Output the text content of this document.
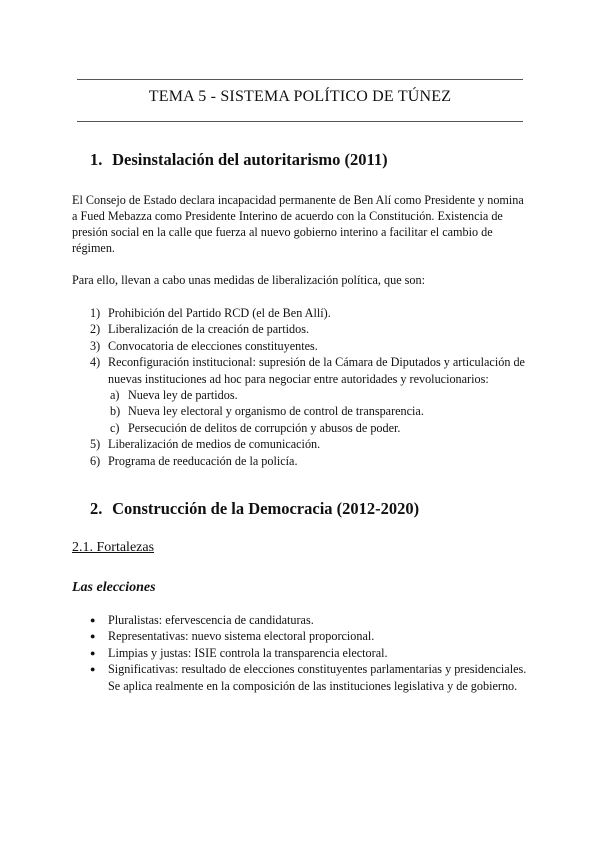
TEMA 5 - SISTEMA POLÍTICO DE TÚNEZ
1. Desinstalación del autoritarismo (2011)
El Consejo de Estado declara incapacidad permanente de Ben Alí como Presidente y nomina a Fued Mebazza como Presidente Interino de acuerdo con la Constitución. Existencia de presión social en la calle que fuerza al nuevo gobierno interino a facilitar el cambio de régimen.
Para ello, llevan a cabo unas medidas de liberalización política, que son:
1) Prohibición del Partido RCD (el de Ben Allí).
2) Liberalización de la creación de partidos.
3) Convocatoria de elecciones constituyentes.
4) Reconfiguración institucional: supresión de la Cámara de Diputados y articulación de nuevas instituciones ad hoc para negociar entre autoridades y revolucionarios:
a) Nueva ley de partidos.
b) Nueva ley electoral y organismo de control de transparencia.
c) Persecución de delitos de corrupción y abusos de poder.
5) Liberalización de medios de comunicación.
6) Programa de reeducación de la policía.
2. Construcción de la Democracia (2012-2020)
2.1. Fortalezas
Las elecciones
● Pluralistas: efervescencia de candidaturas.
● Representativas: nuevo sistema electoral proporcional.
● Limpias y justas: ISIE controla la transparencia electoral.
● Significativas: resultado de elecciones constituyentes parlamentarias y presidenciales. Se aplica realmente en la composición de las instituciones legislativa y de gobierno.
